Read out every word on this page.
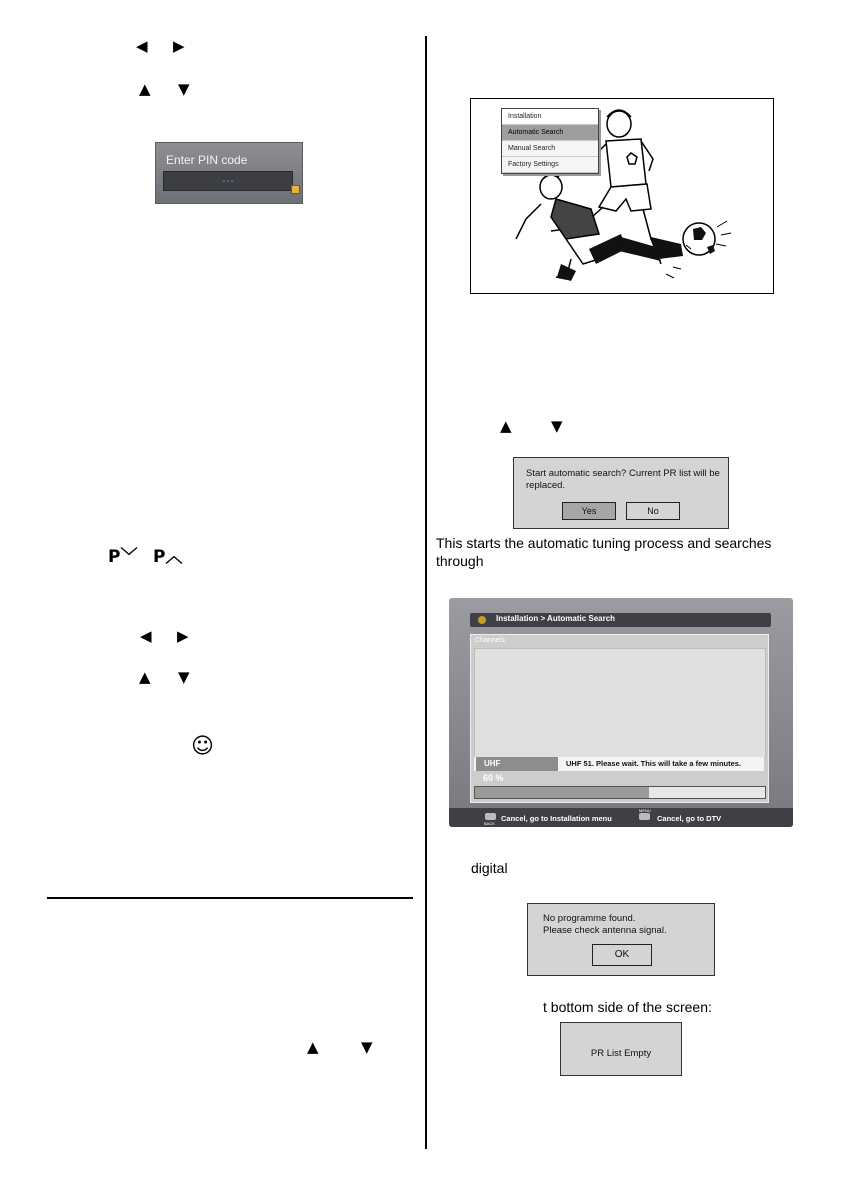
◀ ▶
▲ ▼
Enter PIN code
---
P﹀ P︿
◀ ▶
▲ ▼
☺
▲	▼
Installation
Automatic Search
Manual Search
Factory Settings
▲	▼
Start automatic search? Current PR list will be replaced.
Yes	No
This starts the automatic tuning process and searches
through
Installation > Automatic Search
Channels:
UHF	UHF 51. Please wait. This will take a few minutes.
60 %
BACK
Cancel, go to Installation menu
MENU
Cancel, go to DTV
digital
No programme found.
Please check antenna signal.
OK
t bottom side of the screen:
PR List Empty
